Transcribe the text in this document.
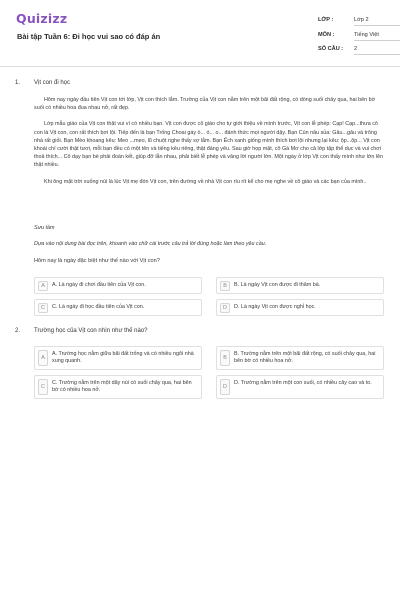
Quizizz
Bài tập Tuần 6: Đi học vui sao có đáp án
LỚP :	Lớp 2
MÔN :	Tiếng Việt
SỐ CÂU :	2
1. Vịt con đi học

Hôm nay ngày đầu tiên Vịt con tới lớp, Vịt con thích lắm. Trường của Vịt con nằm trên một bãi đất rộng, có dòng suối chảy qua, hai bên bờ suối có nhiều hoa đua nhau nở, rất đẹp.

Lớp mẫu giáo của Vịt con thật vui vì có nhiều bạn. Vịt con được cô giáo cho tự giới thiệu về mình trước, Vịt con lễ phép: Cạp! Cạp...thưa cô con là Vịt con, con rất thích bơi lội. Tiếp đến là bạn Trống Choai gáy ò... ó... o... đánh thức mọi người dậy. Bạn Cún nâu sủa: Gâu...gâu và trông nhà rất giỏi. Bạn Mèo khoang kêu: Meo ...meo, lũ chuột nghe thấy sợ lắm. Bạn Ếch xanh giống mình thích bơi lội nhưng lại kêu: ộp...ộp... Vịt con khoái chí cười thật tươi, mỗi bạn đều có một tên và tiếng kêu riêng, thật đáng yêu. Sau giờ họp mặt, cô Gà Mơ cho cả lớp tập thể dục và vui chơi thoả thích... Cô dạy bạn bè phải đoàn kết, giúp đỡ lẫn nhau, phải biết lễ phép và vâng lời người lớn. Một ngày ở lớp Vịt con thấy mình như lớn lên thật nhiều.

Khi ông mặt trời xuống núi là lúc Vịt mẹ đón Vịt con, trên đường về nhà Vịt con ríu rít kể cho mẹ nghe về cô giáo và các bạn của mình..

Sưu tầm
Dựa vào nội dung bài đọc trên, khoanh vào chữ cái trước câu trả lời đúng hoặc làm theo yêu cầu.
Hôm nay là ngày đặc biệt như thế nào với Vịt con?
A	A. Là ngày đi chơi đầu tiên của Vịt con.	B	B. Là ngày Vịt con được đi thăm bà.
C	C. Là ngày đi học đầu tiên của Vịt con.	D	D. Là ngày Vịt con được nghỉ học.
2. Trường học của Vịt con nhìn như thế nào?
A
A. Trường học nằm giữa bãi đất trống và có nhiều ngôi nhà xung quanh.
B
B. Trường nằm trên một bãi đất rộng, có suối chảy qua, hai bên bờ có nhiều hoa nở.
C
C. Trường nằm trên một dãy núi có suối chảy qua, hai bên bờ có nhiều hoa nở.
D
D. Trường nằm trên một con suối, có nhiều cây cao và to.
